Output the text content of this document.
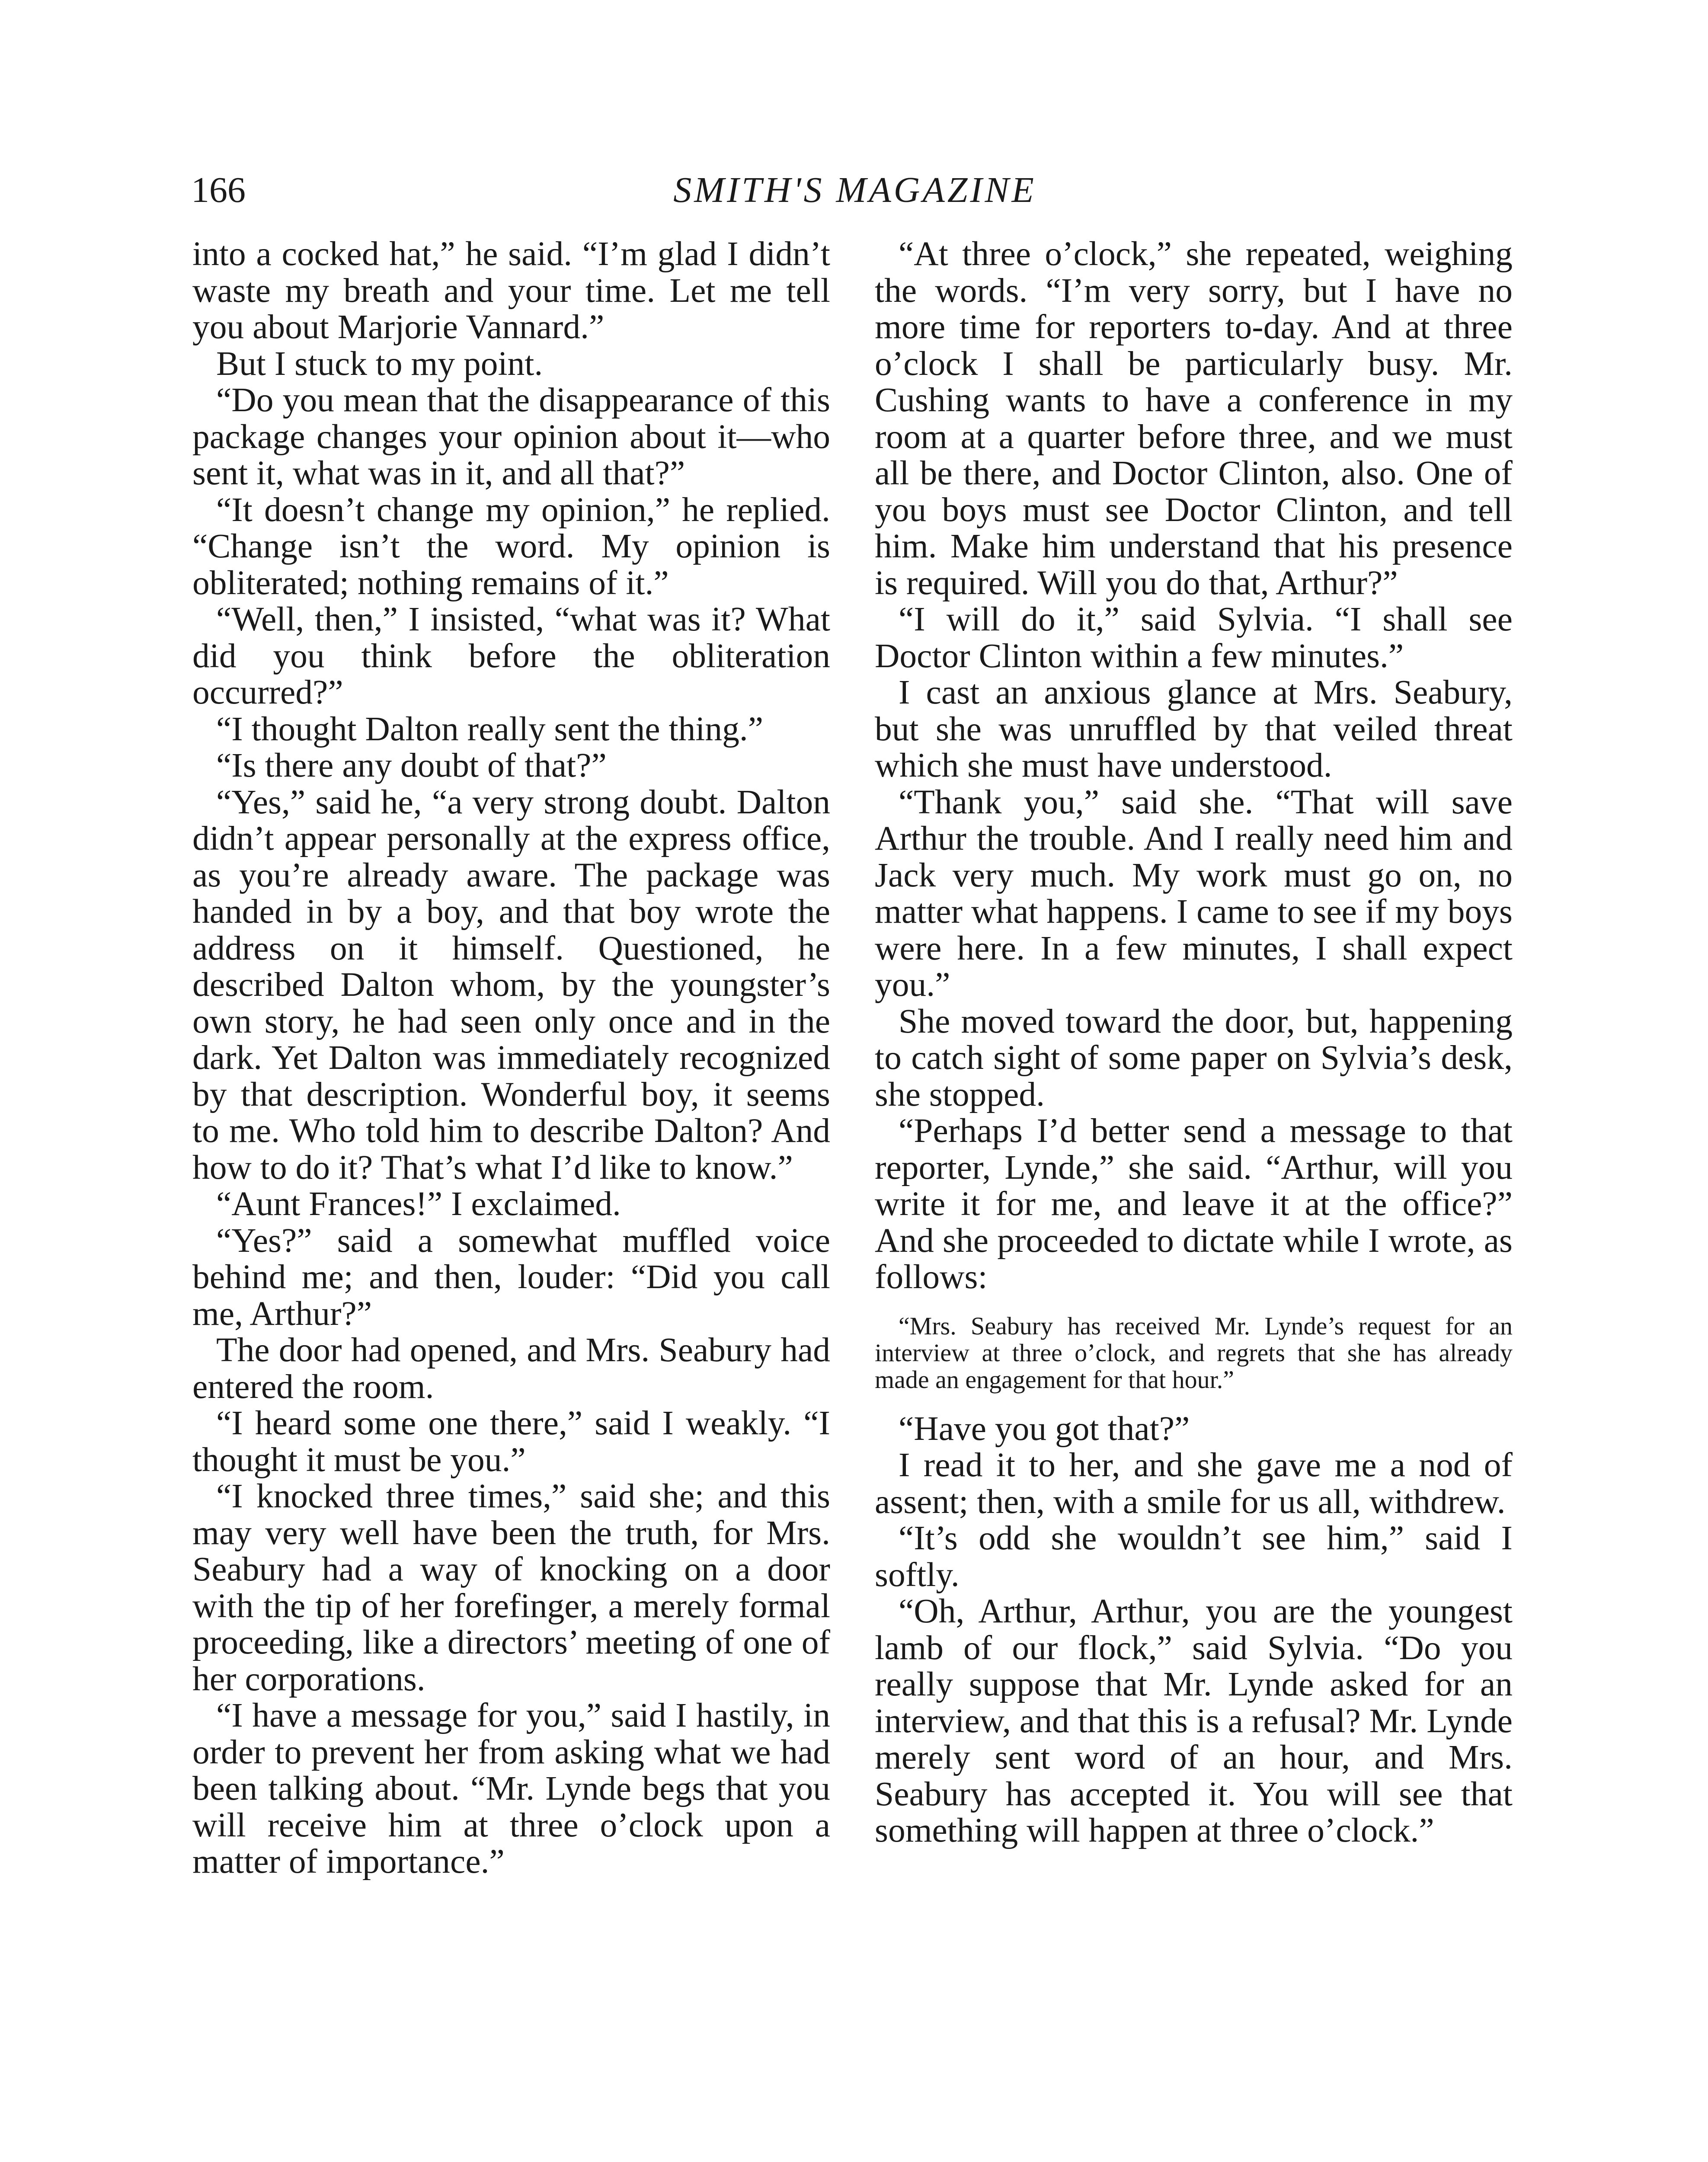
166	SMITH'S MAGAZINE

into a cocked hat,” he said. “I’m glad I didn’t waste my breath and your time. Let me tell you about Marjorie Vannard.”

But I stuck to my point.

“Do you mean that the disappearance of this package changes your opinion about it—who sent it, what was in it, and all that?”

“It doesn’t change my opinion,” he replied. “Change isn’t the word. My opinion is obliterated; nothing remains of it.”

“Well, then,” I insisted, “what was it? What did you think before the obliteration occurred?”

“I thought Dalton really sent the thing.”

“Is there any doubt of that?”

“Yes,” said he, “a very strong doubt. Dalton didn’t appear personally at the express office, as you’re already aware. The package was handed in by a boy, and that boy wrote the address on it himself. Questioned, he described Dalton whom, by the youngster’s own story, he had seen only once and in the dark. Yet Dalton was immediately recognized by that description. Wonderful boy, it seems to me. Who told him to describe Dalton? And how to do it? That’s what I’d like to know.”

“Aunt Frances!” I exclaimed.

“Yes?” said a somewhat muffled voice behind me; and then, louder: “Did you call me, Arthur?”

The door had opened, and Mrs. Seabury had entered the room.

“I heard some one there,” said I weakly. “I thought it must be you.”

“I knocked three times,” said she; and this may very well have been the truth, for Mrs. Seabury had a way of knocking on a door with the tip of her forefinger, a merely formal proceeding, like a directors’ meeting of one of her corporations.

“I have a message for you,” said I hastily, in order to prevent her from asking what we had been talking about. “Mr. Lynde begs that you will receive him at three o’clock upon a matter of importance.”

“At three o’clock,” she repeated, weighing the words. “I’m very sorry, but I have no more time for reporters to-day. And at three o’clock I shall be particularly busy. Mr. Cushing wants to have a conference in my room at a quarter before three, and we must all be there, and Doctor Clinton, also. One of you boys must see Doctor Clinton, and tell him. Make him understand that his presence is required. Will you do that, Arthur?”

“I will do it,” said Sylvia. “I shall see Doctor Clinton within a few minutes.”

I cast an anxious glance at Mrs. Seabury, but she was unruffled by that veiled threat which she must have understood.

“Thank you,” said she. “That will save Arthur the trouble. And I really need him and Jack very much. My work must go on, no matter what happens. I came to see if my boys were here. In a few minutes, I shall expect you.”

She moved toward the door, but, happening to catch sight of some paper on Sylvia’s desk, she stopped.

“Perhaps I’d better send a message to that reporter, Lynde,” she said. “Arthur, will you write it for me, and leave it at the office?” And she proceeded to dictate while I wrote, as follows:

“Mrs. Seabury has received Mr. Lynde’s request for an interview at three o’clock, and regrets that she has already made an engagement for that hour.”

“Have you got that?”

I read it to her, and she gave me a nod of assent; then, with a smile for us all, withdrew.

“It’s odd she wouldn’t see him,” said I softly.

“Oh, Arthur, Arthur, you are the youngest lamb of our flock,” said Sylvia. “Do you really suppose that Mr. Lynde asked for an interview, and that this is a refusal? Mr. Lynde merely sent word of an hour, and Mrs. Seabury has accepted it. You will see that something will happen at three o’clock.”
